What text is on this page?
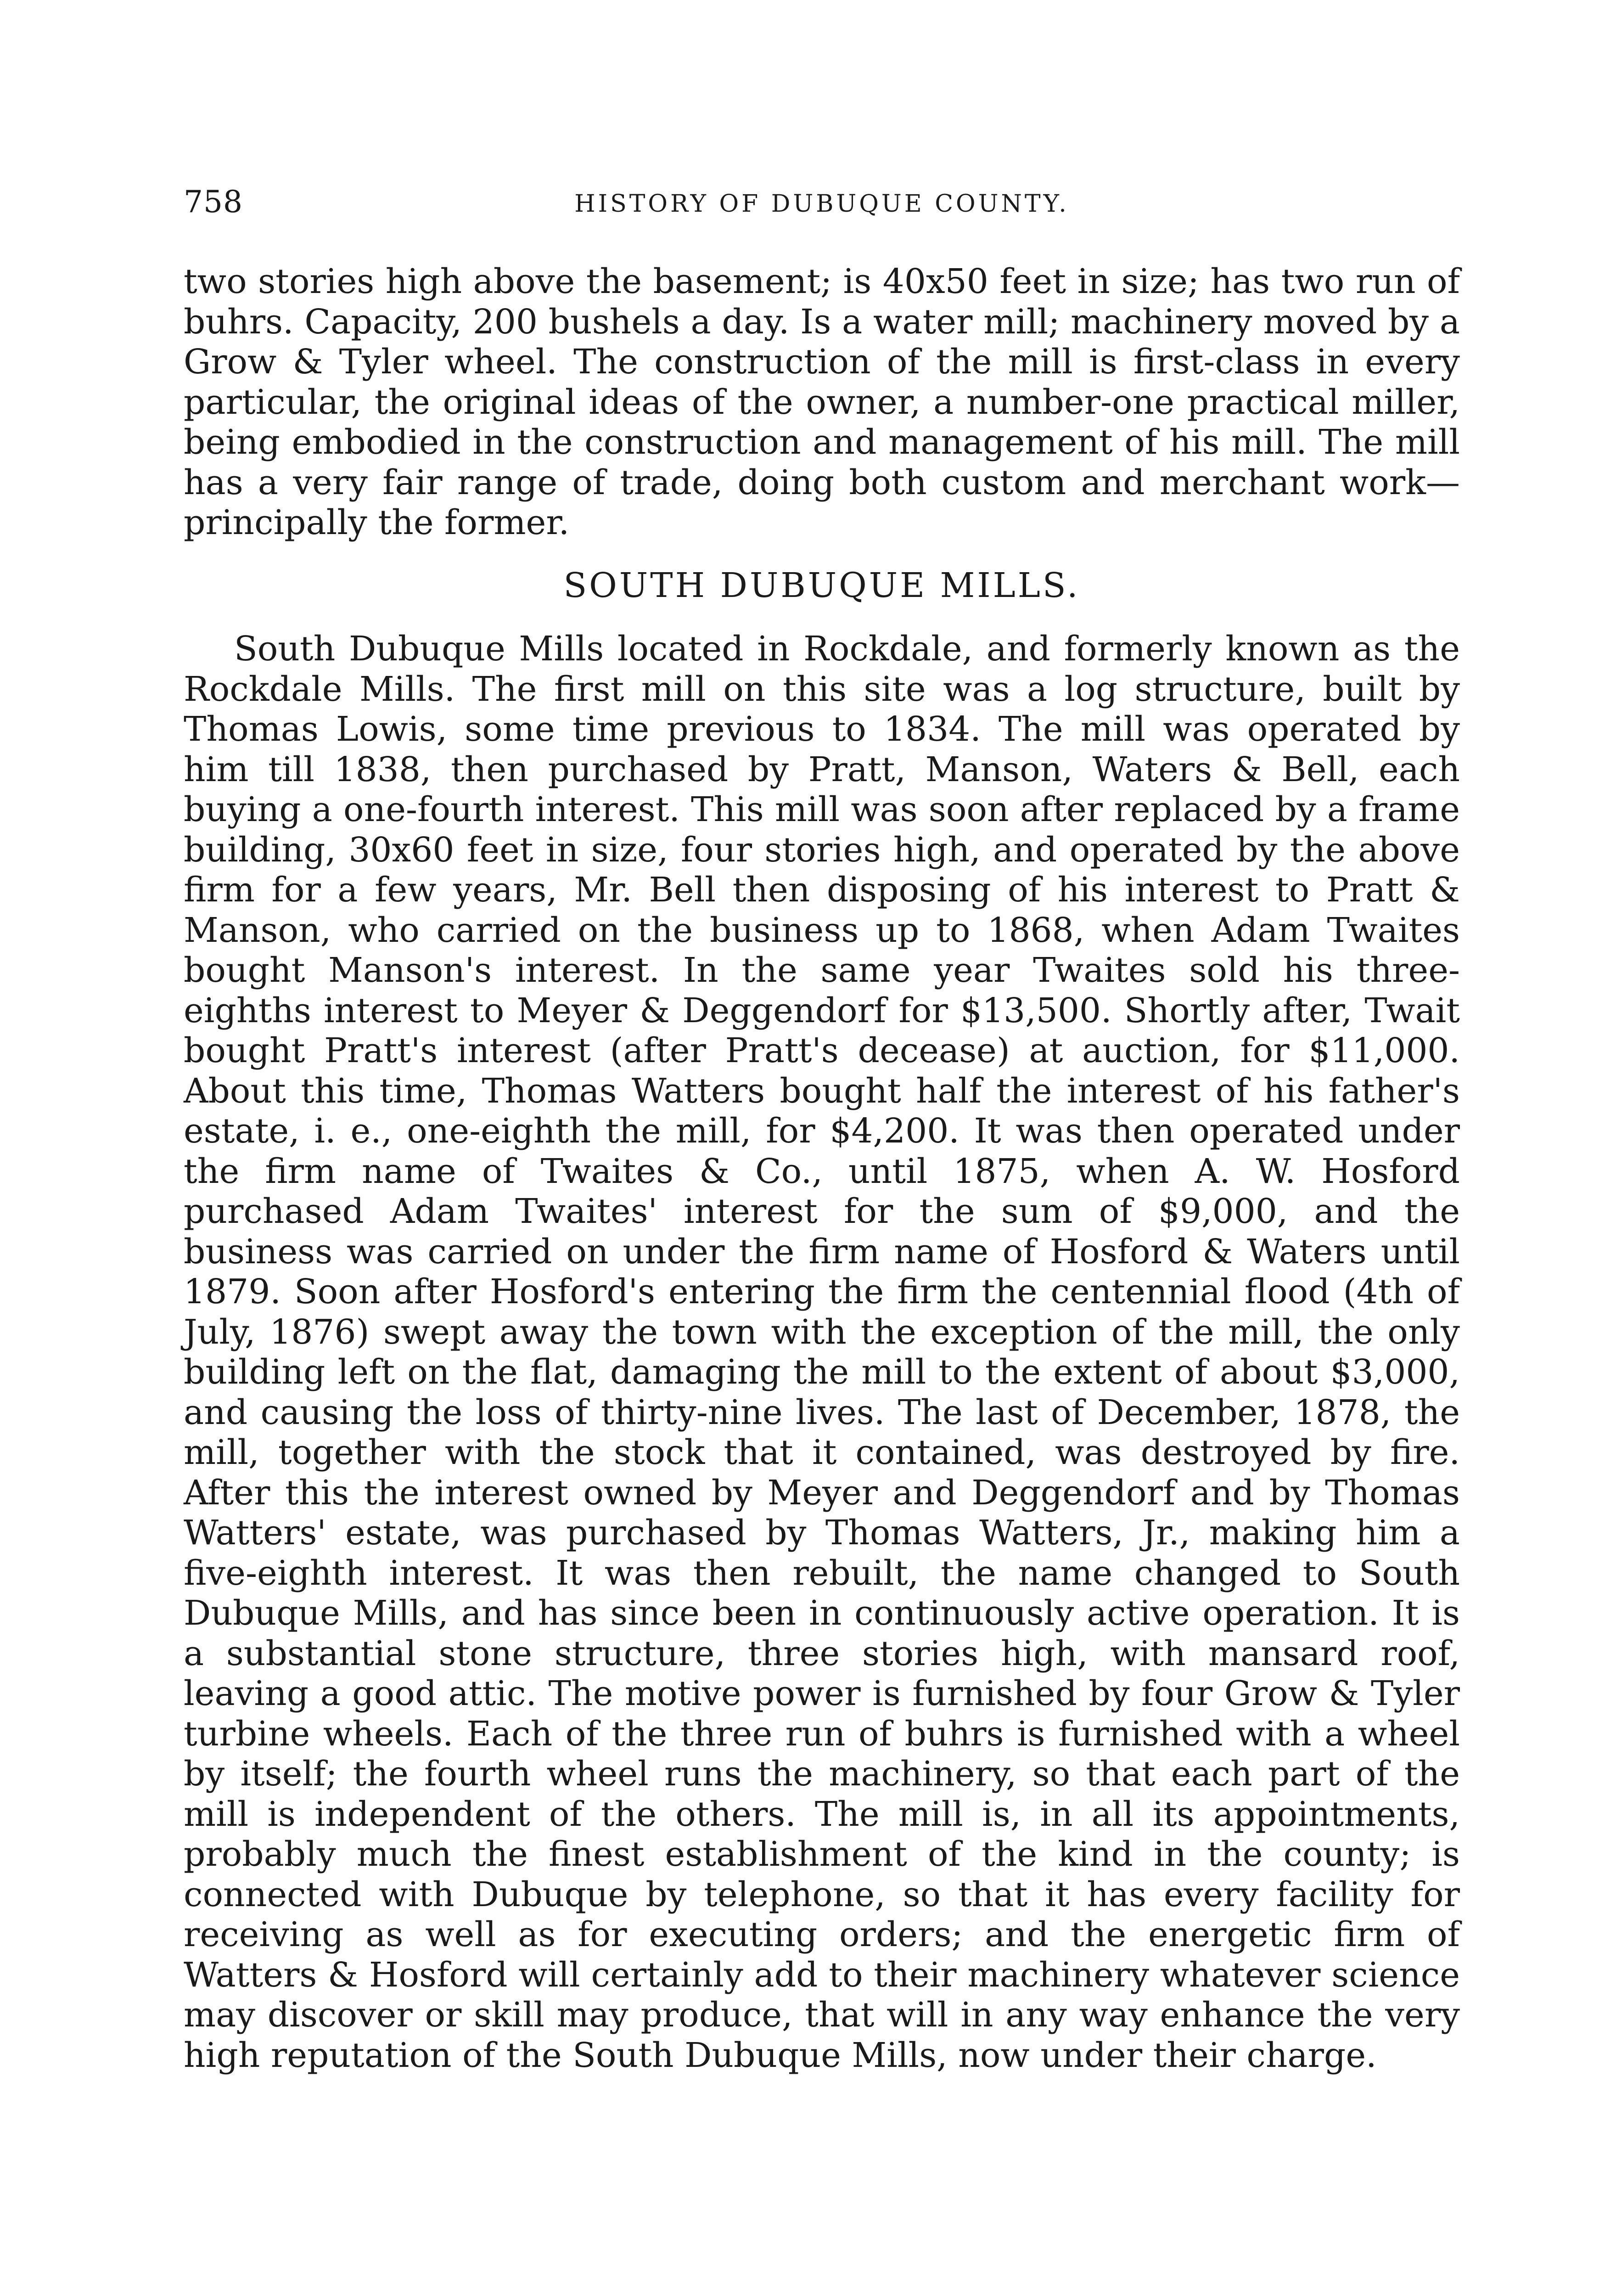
758	HISTORY OF DUBUQUE COUNTY.

two stories high above the basement; is 40x50 feet in size; has two run of buhrs. Capacity, 200 bushels a day. Is a water mill; machinery moved by a Grow & Tyler wheel. The construction of the mill is first-class in every particular, the original ideas of the owner, a number-one practical miller, being embodied in the construction and management of his mill. The mill has a very fair range of trade, doing both custom and merchant work—principally the former.

SOUTH DUBUQUE MILLS.

South Dubuque Mills located in Rockdale, and formerly known as the Rockdale Mills. The first mill on this site was a log structure, built by Thomas Lowis, some time previous to 1834. The mill was operated by him till 1838, then purchased by Pratt, Manson, Waters & Bell, each buying a one-fourth interest. This mill was soon after replaced by a frame building, 30x60 feet in size, four stories high, and operated by the above firm for a few years, Mr. Bell then disposing of his interest to Pratt & Manson, who carried on the business up to 1868, when Adam Twaites bought Manson's interest. In the same year Twaites sold his three-eighths interest to Meyer & Deggendorf for $13,500. Shortly after, Twait bought Pratt's interest (after Pratt's decease) at auction, for $11,000. About this time, Thomas Watters bought half the interest of his father's estate, i. e., one-eighth the mill, for $4,200. It was then operated under the firm name of Twaites & Co., until 1875, when A. W. Hosford purchased Adam Twaites' interest for the sum of $9,000, and the business was carried on under the firm name of Hosford & Waters until 1879. Soon after Hosford's entering the firm the centennial flood (4th of July, 1876) swept away the town with the exception of the mill, the only building left on the flat, damaging the mill to the extent of about $3,000, and causing the loss of thirty-nine lives. The last of December, 1878, the mill, together with the stock that it contained, was destroyed by fire. After this the interest owned by Meyer and Deggendorf and by Thomas Watters' estate, was purchased by Thomas Watters, Jr., making him a five-eighth interest. It was then rebuilt, the name changed to South Dubuque Mills, and has since been in continuously active operation. It is a substantial stone structure, three stories high, with mansard roof, leaving a good attic. The motive power is furnished by four Grow & Tyler turbine wheels. Each of the three run of buhrs is furnished with a wheel by itself; the fourth wheel runs the machinery, so that each part of the mill is independent of the others. The mill is, in all its appointments, probably much the finest establishment of the kind in the county; is connected with Dubuque by telephone, so that it has every facility for receiving as well as for executing orders; and the energetic firm of Watters & Hosford will certainly add to their machinery whatever science may discover or skill may produce, that will in any way enhance the very high reputation of the South Dubuque Mills, now under their charge.
